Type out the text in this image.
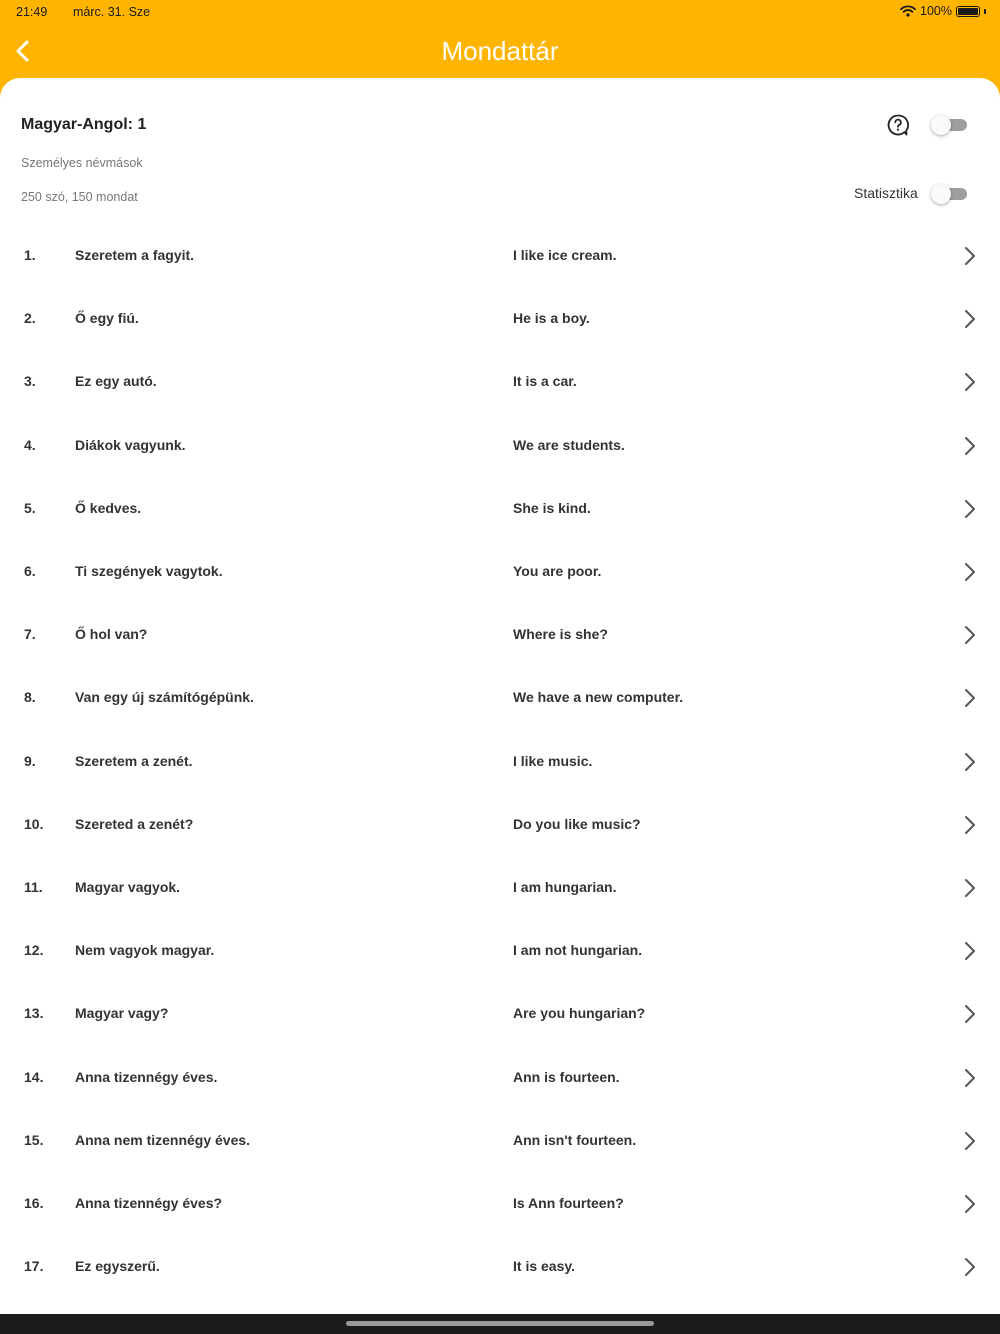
21:49 márc. 31. Sze	100%
Mondattár
Magyar-Angol: 1
Személyes névmások
250 szó, 150 mondat	Statisztika
1.	Szeretem a fagyit.	I like ice cream.
2.	Ő egy fiú.	He is a boy.
3.	Ez egy autó.	It is a car.
4.	Diákok vagyunk.	We are students.
5.	Ő kedves.	She is kind.
6.	Ti szegények vagytok.	You are poor.
7.	Ő hol van?	Where is she?
8.	Van egy új számítógépünk.	We have a new computer.
9.	Szeretem a zenét.	I like music.
10. Szereted a zenét?	Do you like music?
11. Magyar vagyok.	I am hungarian.
12. Nem vagyok magyar.	I am not hungarian.
13. Magyar vagy?	Are you hungarian?
14. Anna tizennégy éves.	Ann is fourteen.
15. Anna nem tizennégy éves.	Ann isn't fourteen.
16. Anna tizennégy éves?	Is Ann fourteen?
17. Ez egyszerű.	It is easy.
